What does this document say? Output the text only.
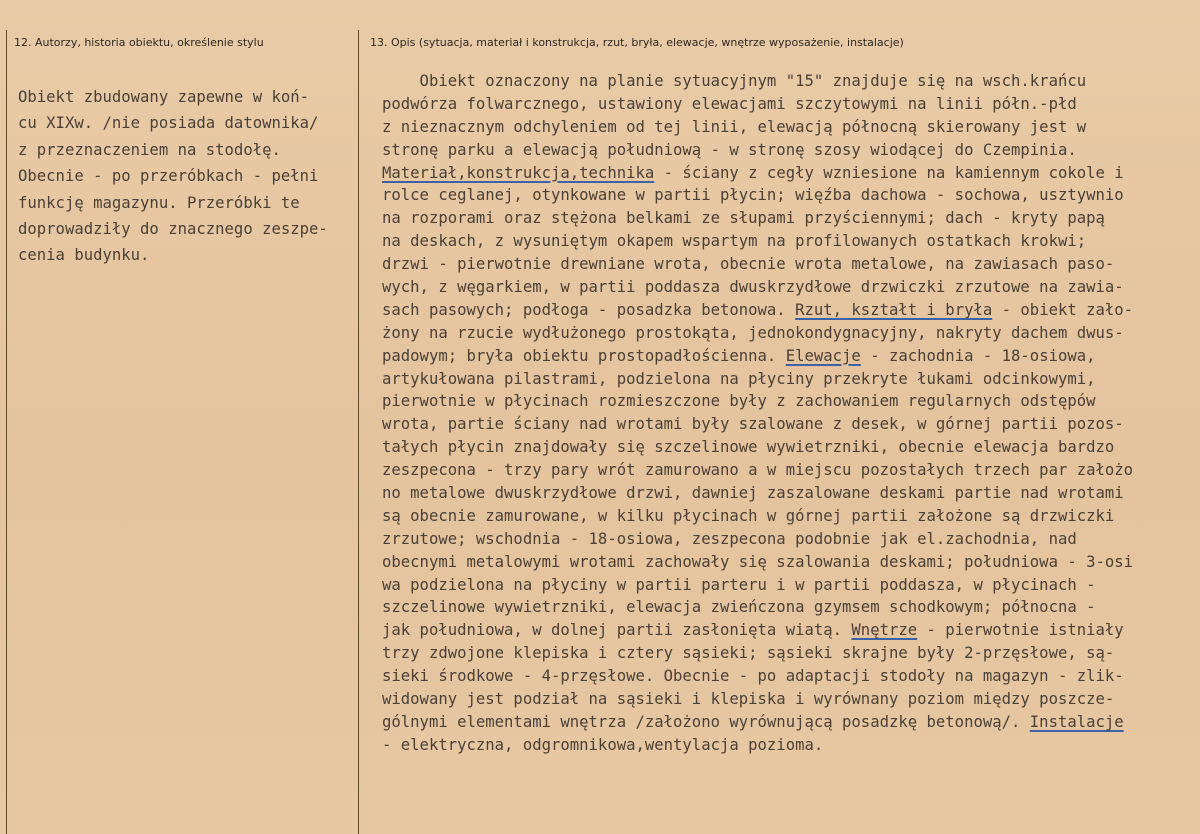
12. Autorzy, historia obiektu, określenie stylu	13. Opis (sytuacja, materiał i konstrukcja, rzut, bryła, elewacje, wnętrze wyposażenie, instalacje)
Obiekt zbudowany zapewne w koń-
cu XIXw. /nie posiada datownika/
z przeznaczeniem na stodołę.
Obecnie - po przeróbkach - pełni
funkcję magazynu. Przeróbki te
doprowadziły do znacznego zeszpe-
cenia budynku.
Obiekt oznaczony na planie sytuacyjnym "15" znajduje się na wsch.krańcu
podwórza folwarcznego, ustawiony elewacjami szczytowymi na linii półn.-płd
z nieznacznym odchyleniem od tej linii, elewacją północną skierowany jest w
stronę parku a elewacją południową - w stronę szosy wiodącej do Czempinia.
Materiał,konstrukcja,technika - ściany z cegły wzniesione na kamiennym cokole i
rolce ceglanej, otynkowane w partii płycin; więźba dachowa - sochowa, usztywnio
na rozporami oraz stężona belkami ze słupami przyściennymi; dach - kryty papą
na deskach, z wysuniętym okapem wspartym na profilowanych ostatkach krokwi;
drzwi - pierwotnie drewniane wrota, obecnie wrota metalowe, na zawiasach paso-
wych, z węgarkiem, w partii poddasza dwuskrzydłowe drzwiczki zrzutowe na zawia-
sach pasowych; podłoga - posadzka betonowa. Rzut, kształt i bryła - obiekt zało-
żony na rzucie wydłużonego prostokąta, jednokondygnacyjny, nakryty dachem dwus-
padowym; bryła obiektu prostopadłościenna. Elewacje - zachodnia - 18-osiowa,
artykułowana pilastrami, podzielona na płyciny przekryte łukami odcinkowymi,
pierwotnie w płycinach rozmieszczone były z zachowaniem regularnych odstępów
wrota, partie ściany nad wrotami były szalowane z desek, w górnej partii pozos-
tałych płycin znajdowały się szczelinowe wywietrzniki, obecnie elewacja bardzo
zeszpecona - trzy pary wrót zamurowano a w miejscu pozostałych trzech par założo
no metalowe dwuskrzydłowe drzwi, dawniej zaszalowane deskami partie nad wrotami
są obecnie zamurowane, w kilku płycinach w górnej partii założone są drzwiczki
zrzutowe; wschodnia - 18-osiowa, zeszpecona podobnie jak el.zachodnia, nad
obecnymi metalowymi wrotami zachowały się szalowania deskami; południowa - 3-osi
wa podzielona na płyciny w partii parteru i w partii poddasza, w płycinach -
szczelinowe wywietrzniki, elewacja zwieńczona gzymsem schodkowym; północna -
jak południowa, w dolnej partii zasłonięta wiatą. Wnętrze - pierwotnie istniały
trzy zdwojone klepiska i cztery sąsieki; sąsieki skrajne były 2-przęsłowe, są-
sieki środkowe - 4-przęsłowe. Obecnie - po adaptacji stodoły na magazyn - zlik-
widowany jest podział na sąsieki i klepiska i wyrównany poziom między poszcze-
gólnymi elementami wnętrza /założono wyrównującą posadzkę betonową/. Instalacje
- elektryczna, odgromnikowa,wentylacja pozioma.
